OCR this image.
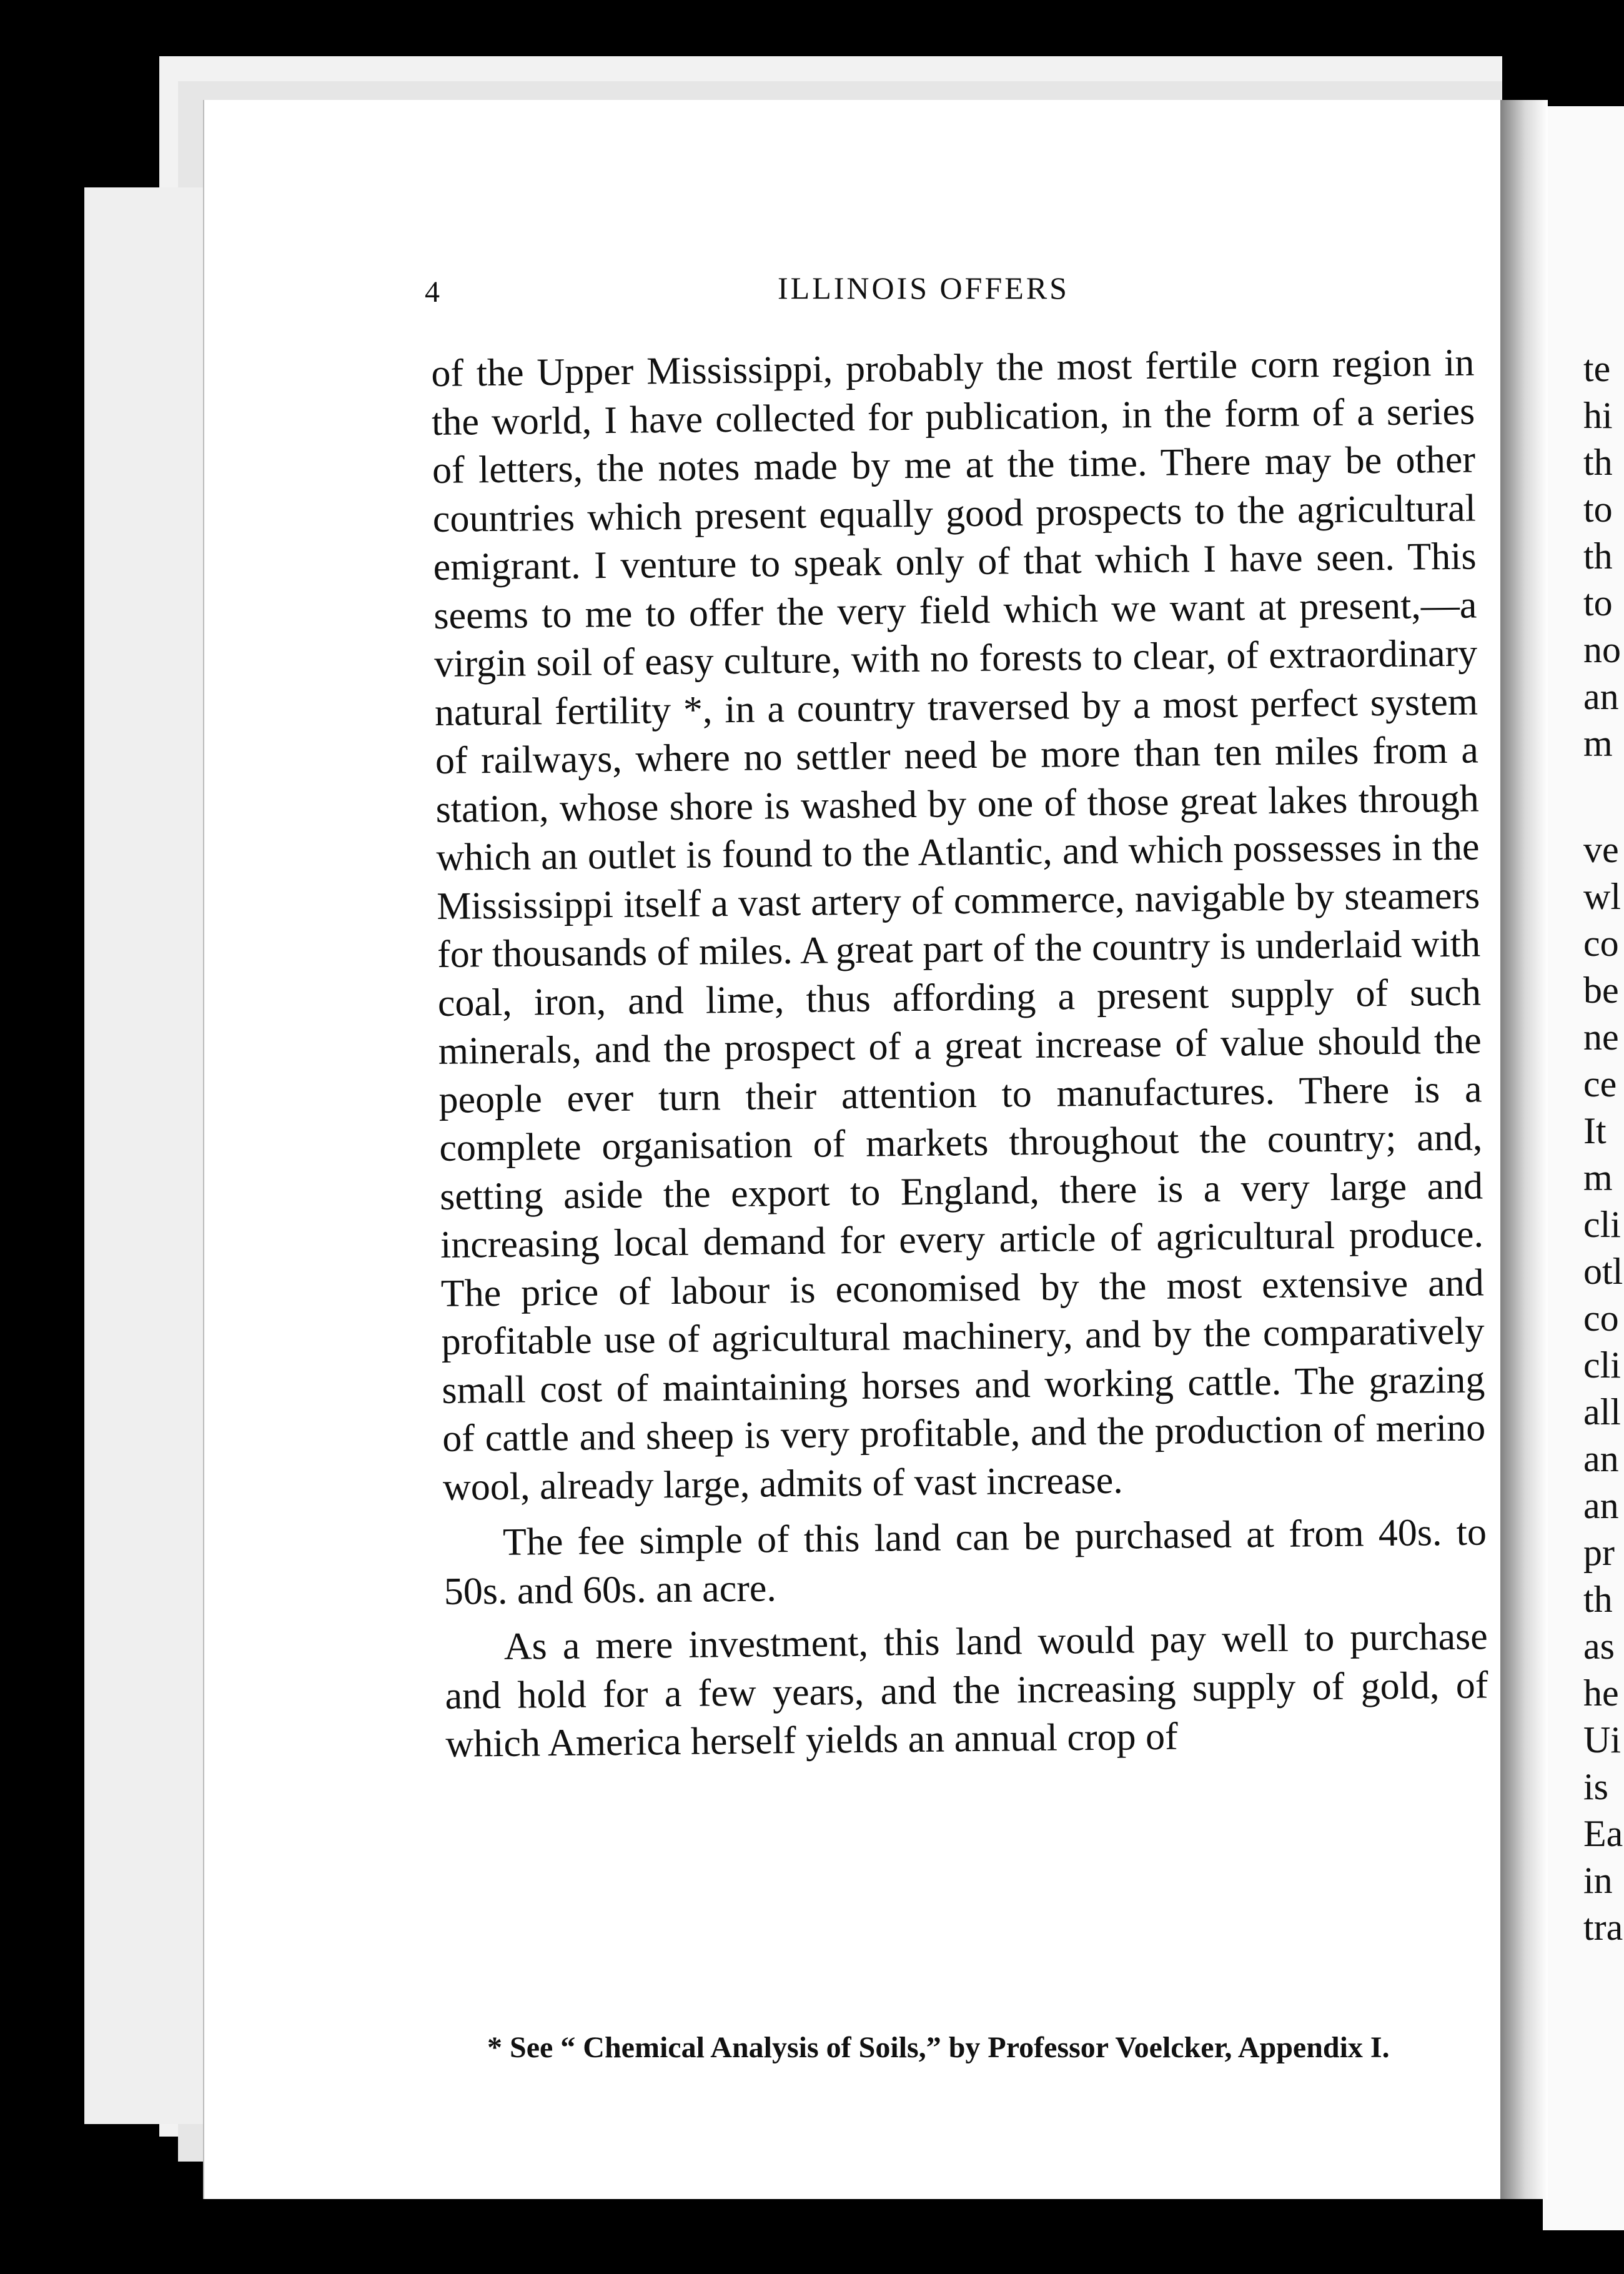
4	ILLINOIS OFFERS

of the Upper Mississippi, probably the most fertile corn region in the world, I have collected for publication, in the form of a series of letters, the notes made by me at the time. There may be other countries which present equally good prospects to the agricultural emigrant. I venture to speak only of that which I have seen. This seems to me to offer the very field which we want at present,—a virgin soil of easy culture, with no forests to clear, of extraordinary natural fertility *, in a country traversed by a most perfect system of railways, where no settler need be more than ten miles from a station, whose shore is washed by one of those great lakes through which an outlet is found to the Atlantic, and which possesses in the Mississippi itself a vast artery of commerce, navigable by steamers for thousands of miles. A great part of the country is underlaid with coal, iron, and lime, thus affording a present supply of such minerals, and the prospect of a great increase of value should the people ever turn their attention to manufactures. There is a complete organisation of markets throughout the country; and, setting aside the export to England, there is a very large and increasing local demand for every article of agricultural produce. The price of labour is economised by the most extensive and profitable use of agricultural machinery, and by the comparatively small cost of maintaining horses and working cattle. The grazing of cattle and sheep is very profitable, and the production of merino wool, already large, admits of vast increase.

The fee simple of this land can be purchased at from 40s. to 50s. and 60s. an acre.

As a mere investment, this land would pay well to purchase and hold for a few years, and the increasing supply of gold, of which America herself yields an annual crop of

* See “ Chemical Analysis of Soils,” by Professor Voelcker, Appendix I.
te
hi
th
to
th
to
no
an
m
ve
wl
co
be
ne
ce
It
m
cli
otl
co
cli
all
an
an
pr
th
as
he
Ui
is
Ea
in
tra
